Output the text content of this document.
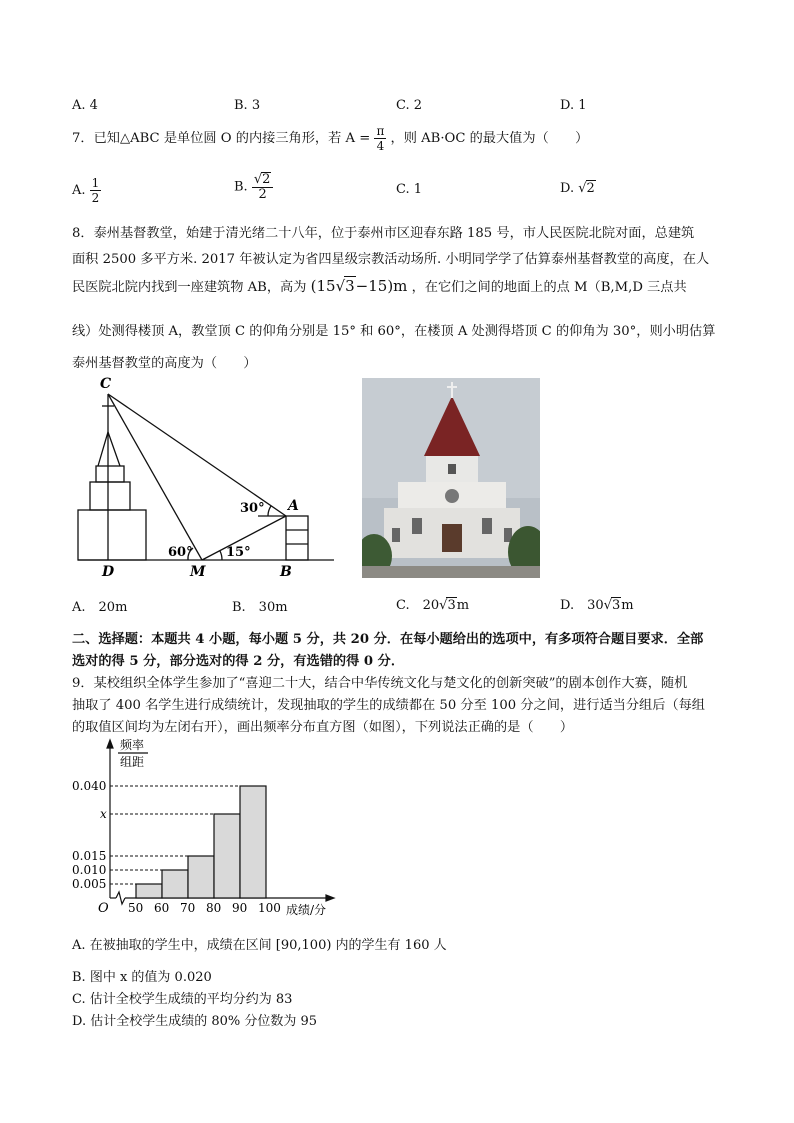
A. 4	B. 3	C. 2	D. 1
7．已知△ABC 是单位圆 O 的内接三角形，若 $A = \frac{\pi}{4}$ ，则 AB·OC 的最大值为（　　）
A. $\frac{1}{2}$	B. $\frac{√2}{2}$	C. 1	D. √2
8．泰州基督教堂，始建于清光绪二十八年，位于泰州市区迎春东路 185 号，市人民医院北院对面，总建筑
面积 2500 多平方米. 2017 年被认定为省四星级宗教活动场所. 小明同学学了估算泰州基督教堂的高度，在人
民医院北院内找到一座建筑物 AB，高为 (15√3−15)m ，在它们之间的地面上的点 M（B,M,D 三点共
线）处测得楼顶 A，教堂顶 C 的仰角分别是 15° 和 60°，在楼顶 A 处测得塔顶 C 的仰角为 30°，则小明估算
泰州基督教堂的高度为（　　）
C
A
D	M	B
30°
60°	15°
A.　20m	B.　30m	C.　20√3m	D.　30√3m
二、选择题：本题共 4 小题，每小题 5 分，共 20 分．在每小题给出的选项中，有多项符合题目要求．全部
选对的得 5 分，部分选对的得 2 分，有选错的得 0 分．
9．某校组织全体学生参加了“喜迎二十大，结合中华传统文化与楚文化的创新突破”的剧本创作大赛，随机
抽取了 400 名学生进行成绩统计，发现抽取的学生的成绩都在 50 分至 100 分之间，进行适当分组后（每组
的取值区间均为左闭右开），画出频率分布直方图（如图），下列说法正确的是（　　）
频率
组距
O	成绩/分
0.005
0.010
0.015
x
0.040
50 60 70 80 90 100
A. 在被抽取的学生中，成绩在区间 [90,100) 内的学生有 160 人
B. 图中 x 的值为 0.020
C. 估计全校学生成绩的平均分约为 83
D. 估计全校学生成绩的 80% 分位数为 95
